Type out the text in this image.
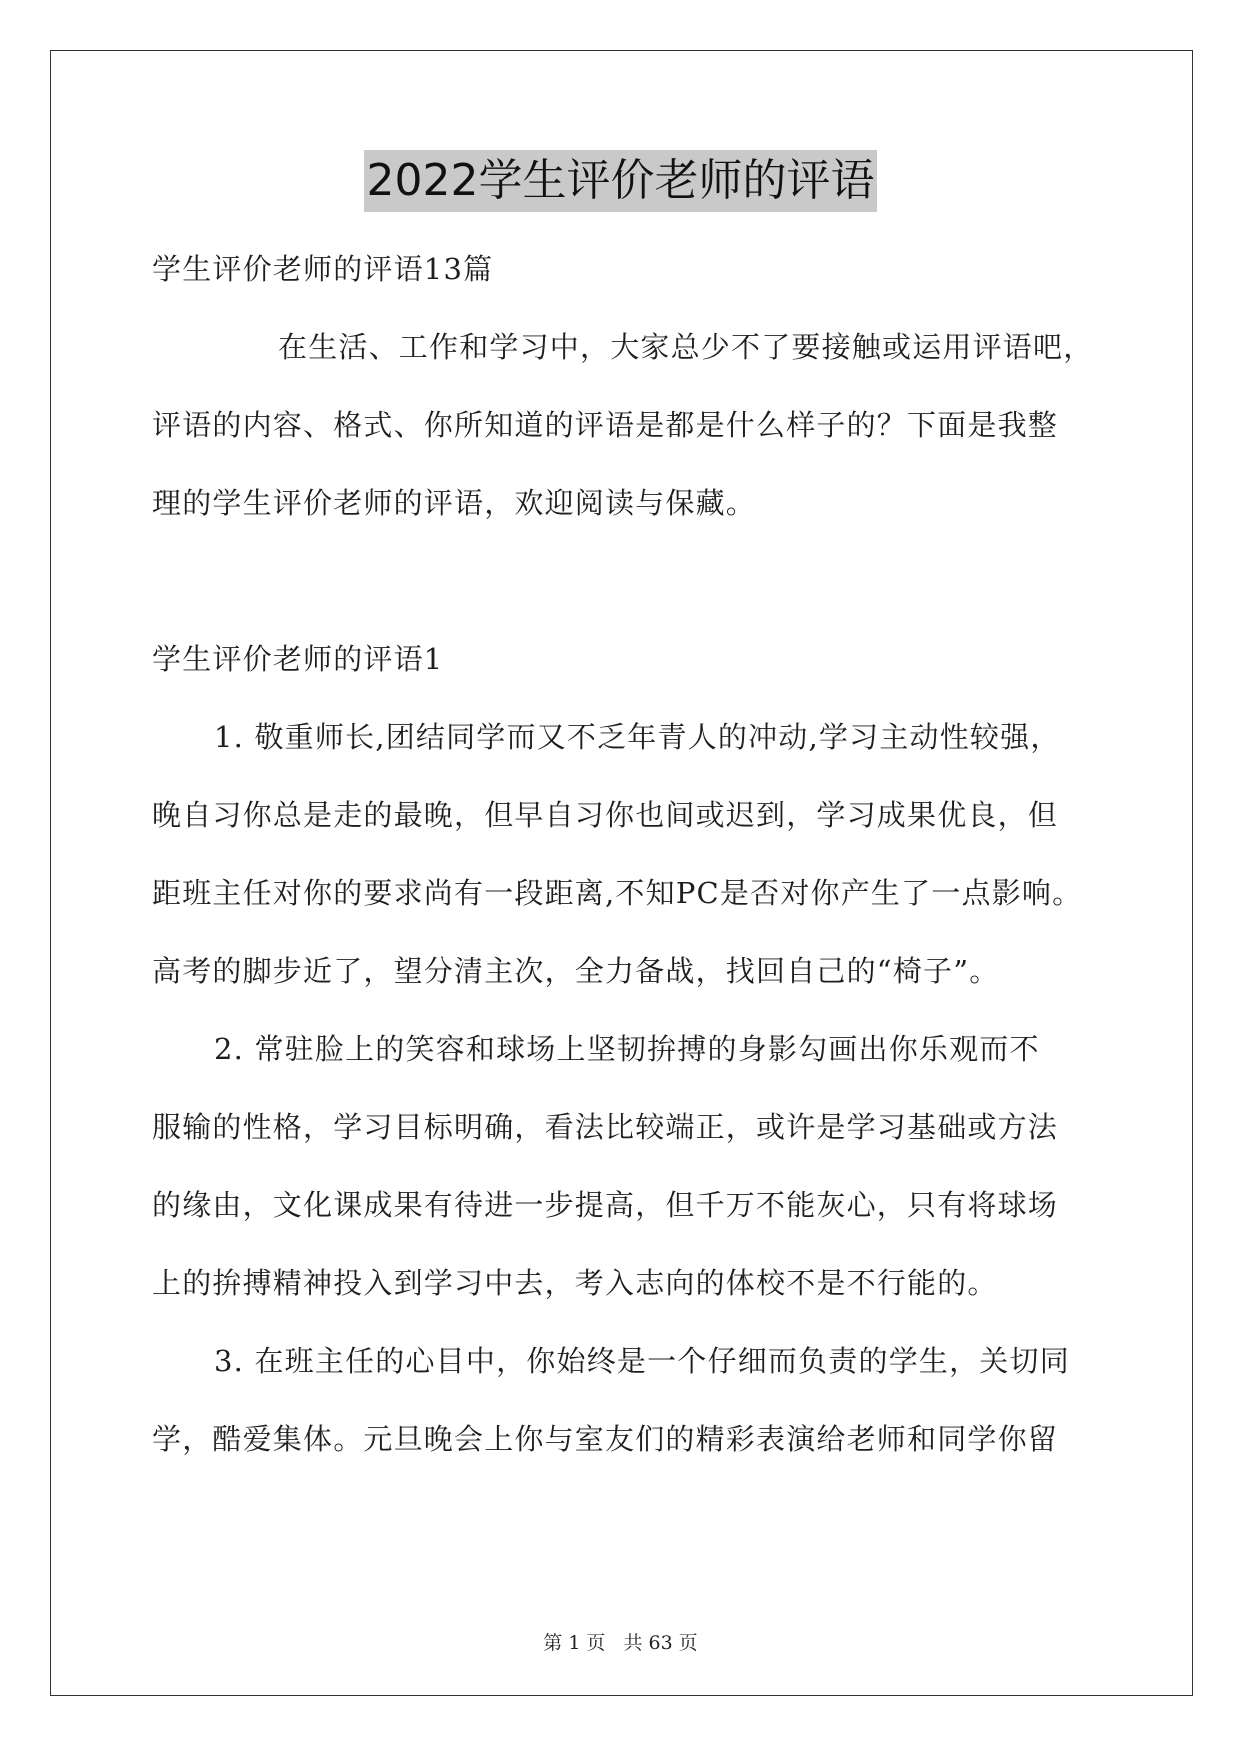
2022学生评价老师的评语
学生评价老师的评语13篇
在生活、工作和学习中，大家总少不了要接触或运用评语吧，
评语的内容、格式、你所知道的评语是都是什么样子的？下面是我整
理的学生评价老师的评语，欢迎阅读与保藏。
学生评价老师的评语1
1. 敬重师长,团结同学而又不乏年青人的冲动,学习主动性较强，
晚自习你总是走的最晚，但早自习你也间或迟到，学习成果优良，但
距班主任对你的要求尚有一段距离,不知PC是否对你产生了一点影响。
高考的脚步近了，望分清主次，全力备战，找回自己的“椅子”。
2. 常驻脸上的笑容和球场上坚韧拚搏的身影勾画出你乐观而不
服输的性格，学习目标明确，看法比较端正，或许是学习基础或方法
的缘由，文化课成果有待进一步提高，但千万不能灰心，只有将球场
上的拚搏精神投入到学习中去，考入志向的体校不是不行能的。
3. 在班主任的心目中，你始终是一个仔细而负责的学生，关切同
学，酷爱集体。元旦晚会上你与室友们的精彩表演给老师和同学你留
第 1 页 共 63 页
